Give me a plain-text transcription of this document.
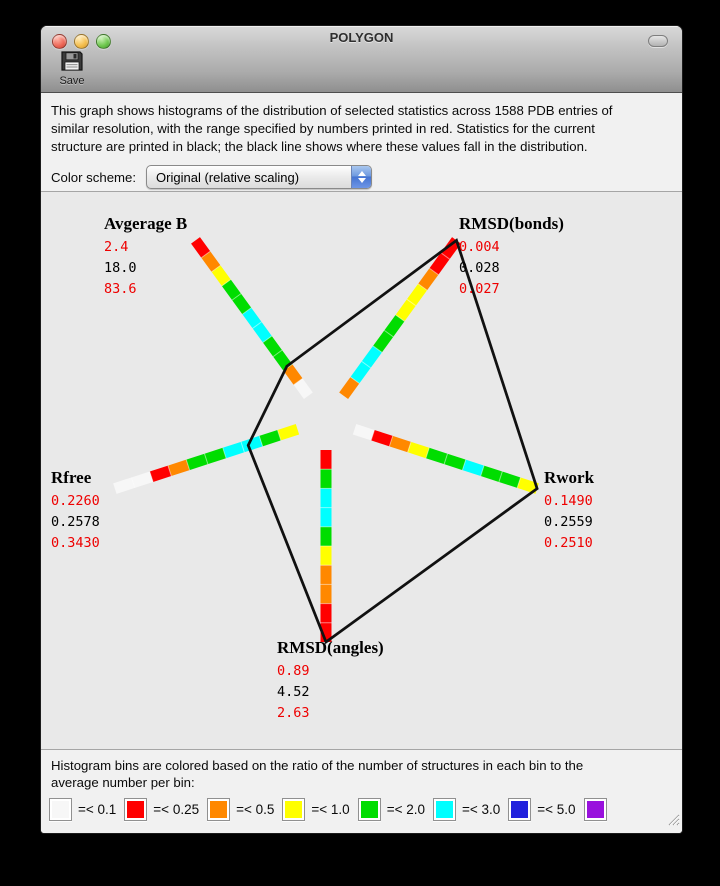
POLYGON
Save
This graph shows histograms of the distribution of selected statistics across 1588 PDB entries of
similar resolution, with the range specified by numbers printed in red. Statistics for the current
structure are printed in black; the black line shows where these values fall in the distribution.
Color scheme:	Original (relative scaling)
Avgerage B
2.4
18.0
83.6
RMSD(bonds)
0.004
0.028
0.027
Rwork
0.1490
0.2559
0.2510
RMSD(angles)
0.89
4.52
2.63
Rfree
0.2260
0.2578
0.3430
Histogram bins are colored based on the ratio of the number of structures in each bin to the
average number per bin:
=< 0.1	=< 0.25	=< 0.5	=< 1.0	=< 2.0	=< 3.0	=< 5.0
